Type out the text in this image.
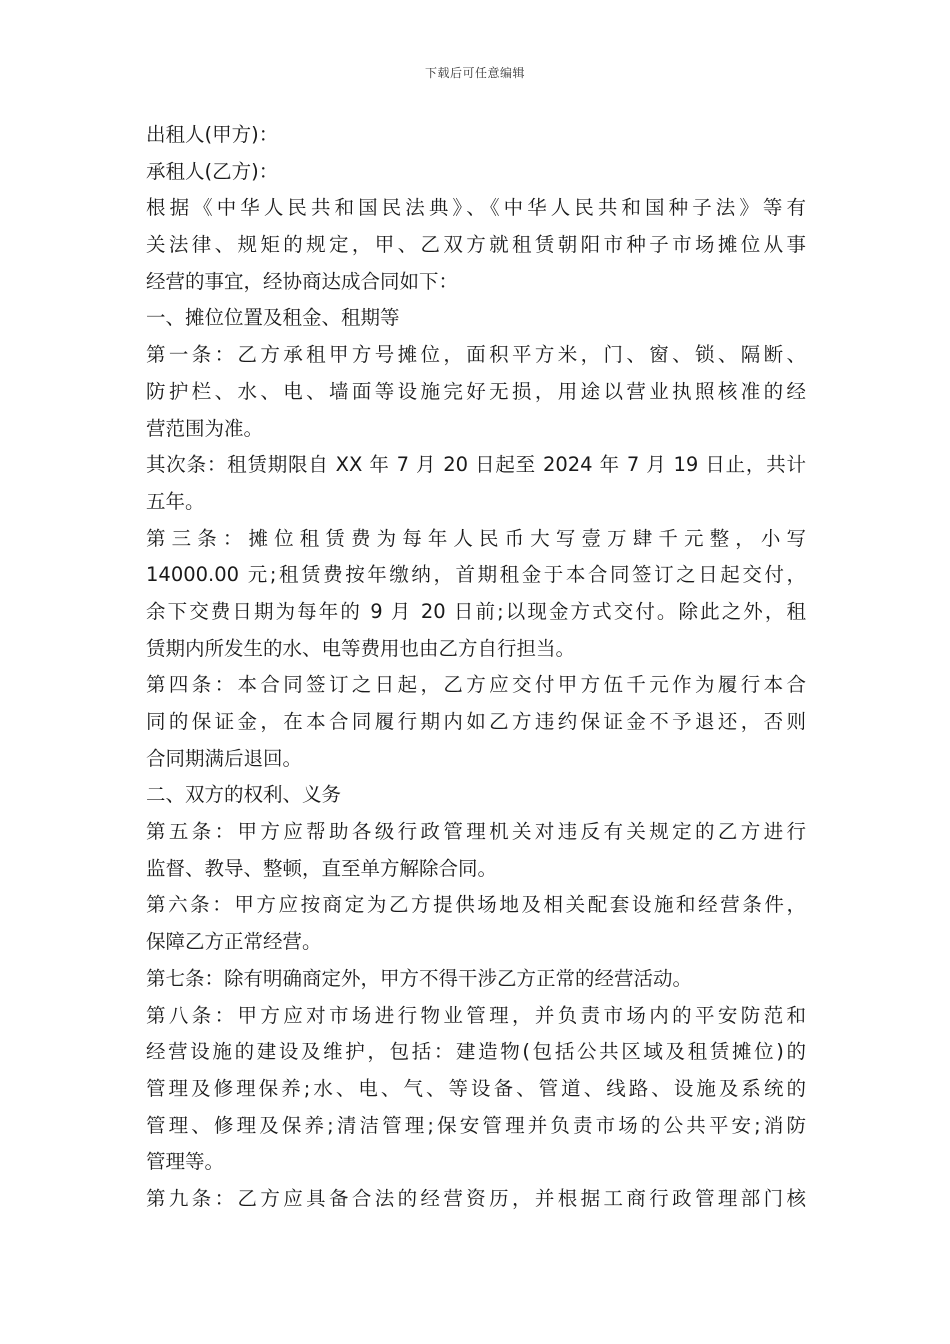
下载后可任意编辑
出租人(甲方)：
承租人(乙方)：
根据《中华人民共和国民法典》、《中华人民共和国种子法》等有
关法律、规矩的规定，甲、乙双方就租赁朝阳市种子市场摊位从事
经营的事宜，经协商达成合同如下：
一、摊位位置及租金、租期等
第一条：乙方承租甲方号摊位，面积平方米，门、窗、锁、隔断、
防护栏、水、电、墙面等设施完好无损，用途以营业执照核准的经
营范围为准。
其次条：租赁期限自 XX 年 7 月 20 日起至 2024 年 7 月 19 日止，共计
五年。
第三条：摊位租赁费为每年人民币大写壹万肆千元整，小写
14000.00 元;租赁费按年缴纳，首期租金于本合同签订之日起交付，
余下交费日期为每年的 9 月 20 日前;以现金方式交付。除此之外，租
赁期内所发生的水、电等费用也由乙方自行担当。
第四条：本合同签订之日起，乙方应交付甲方伍千元作为履行本合
同的保证金，在本合同履行期内如乙方违约保证金不予退还，否则
合同期满后退回。
二、双方的权利、义务
第五条：甲方应帮助各级行政管理机关对违反有关规定的乙方进行
监督、教导、整顿，直至单方解除合同。
第六条：甲方应按商定为乙方提供场地及相关配套设施和经营条件，
保障乙方正常经营。
第七条：除有明确商定外，甲方不得干涉乙方正常的经营活动。
第八条：甲方应对市场进行物业管理，并负责市场内的平安防范和
经营设施的建设及维护，包括：建造物(包括公共区域及租赁摊位)的
管理及修理保养;水、电、气、等设备、管道、线路、设施及系统的
管理、修理及保养;清洁管理;保安管理并负责市场的公共平安;消防
管理等。
第九条：乙方应具备合法的经营资历，并根据工商行政管理部门核
